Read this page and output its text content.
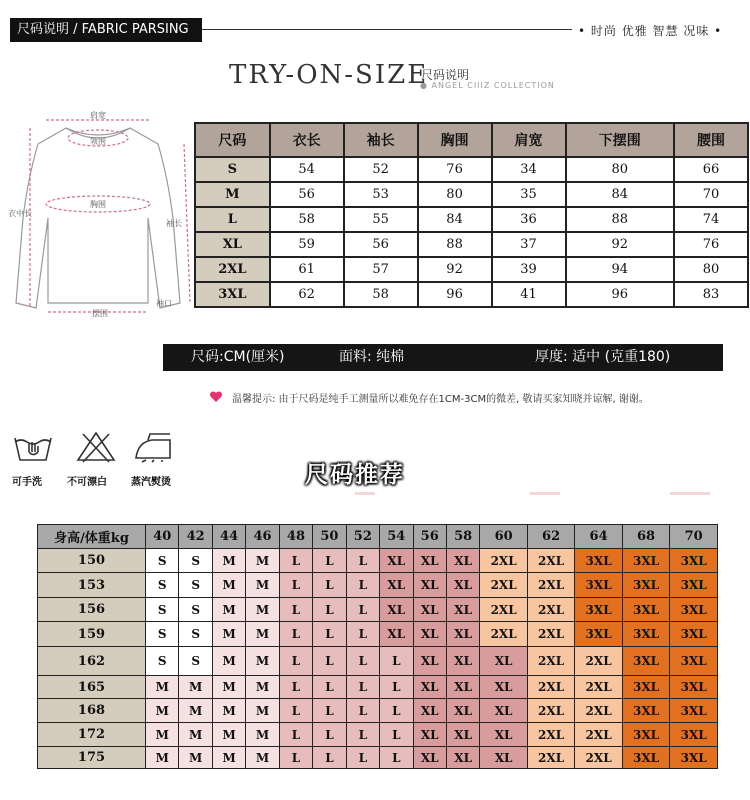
尺码说明 / FABRIC PARSING	• 时尚 优雅 智慧 况味 •
TRY-ON-SIZE
尺码说明
● ANGEL CIIIZ COLLECTION
肩宽
领围
胸围
衣中长
袖长
袖口
摆围
尺码	衣长	袖长	胸围	肩宽	下摆围	腰围
S	54	52	76	34	80	66
M	56	53	80	35	84	70
L	58	55	84	36	88	74
XL	59	56	88	37	92	76
2XL	61	57	92	39	94	80
3XL	62	58	96	41	96	83
尺码:CM(厘米)	面料: 纯棉	厚度: 适中 (克重180)
温馨提示: 由于尺码是纯手工测量所以难免存在1CM-3CM的微差, 敬请买家知晓并谅解, 谢谢。
可手洗	不可漂白 蒸汽熨烫	尺码推荐
身高/体重kg	40	42	44	46	48	50	52	54	56	58	60	62	64	68	70
150	S	S	M	M	L	L	L	XL	XL	XL	2XL	2XL	3XL	3XL	3XL
153	S	S	M	M	L	L	L	XL	XL	XL	2XL	2XL	3XL	3XL	3XL
156	S	S	M	M	L	L	L	XL	XL	XL	2XL	2XL	3XL	3XL	3XL
159	S	S	M	M	L	L	L	XL	XL	XL	2XL	2XL	3XL	3XL	3XL
162	S	S	M	M	L	L	L	L	XL	XL	XL	2XL	2XL	3XL	3XL
165	M	M	M	M	L	L	L	L	XL	XL	XL	2XL	2XL	3XL	3XL
168	M	M	M	M	L	L	L	L	XL	XL	XL	2XL	2XL	3XL	3XL
172	M	M	M	M	L	L	L	L	XL	XL	XL	2XL	2XL	3XL	3XL
175	M	M	M	M	L	L	L	L	XL	XL	XL	2XL	2XL	3XL	3XL
